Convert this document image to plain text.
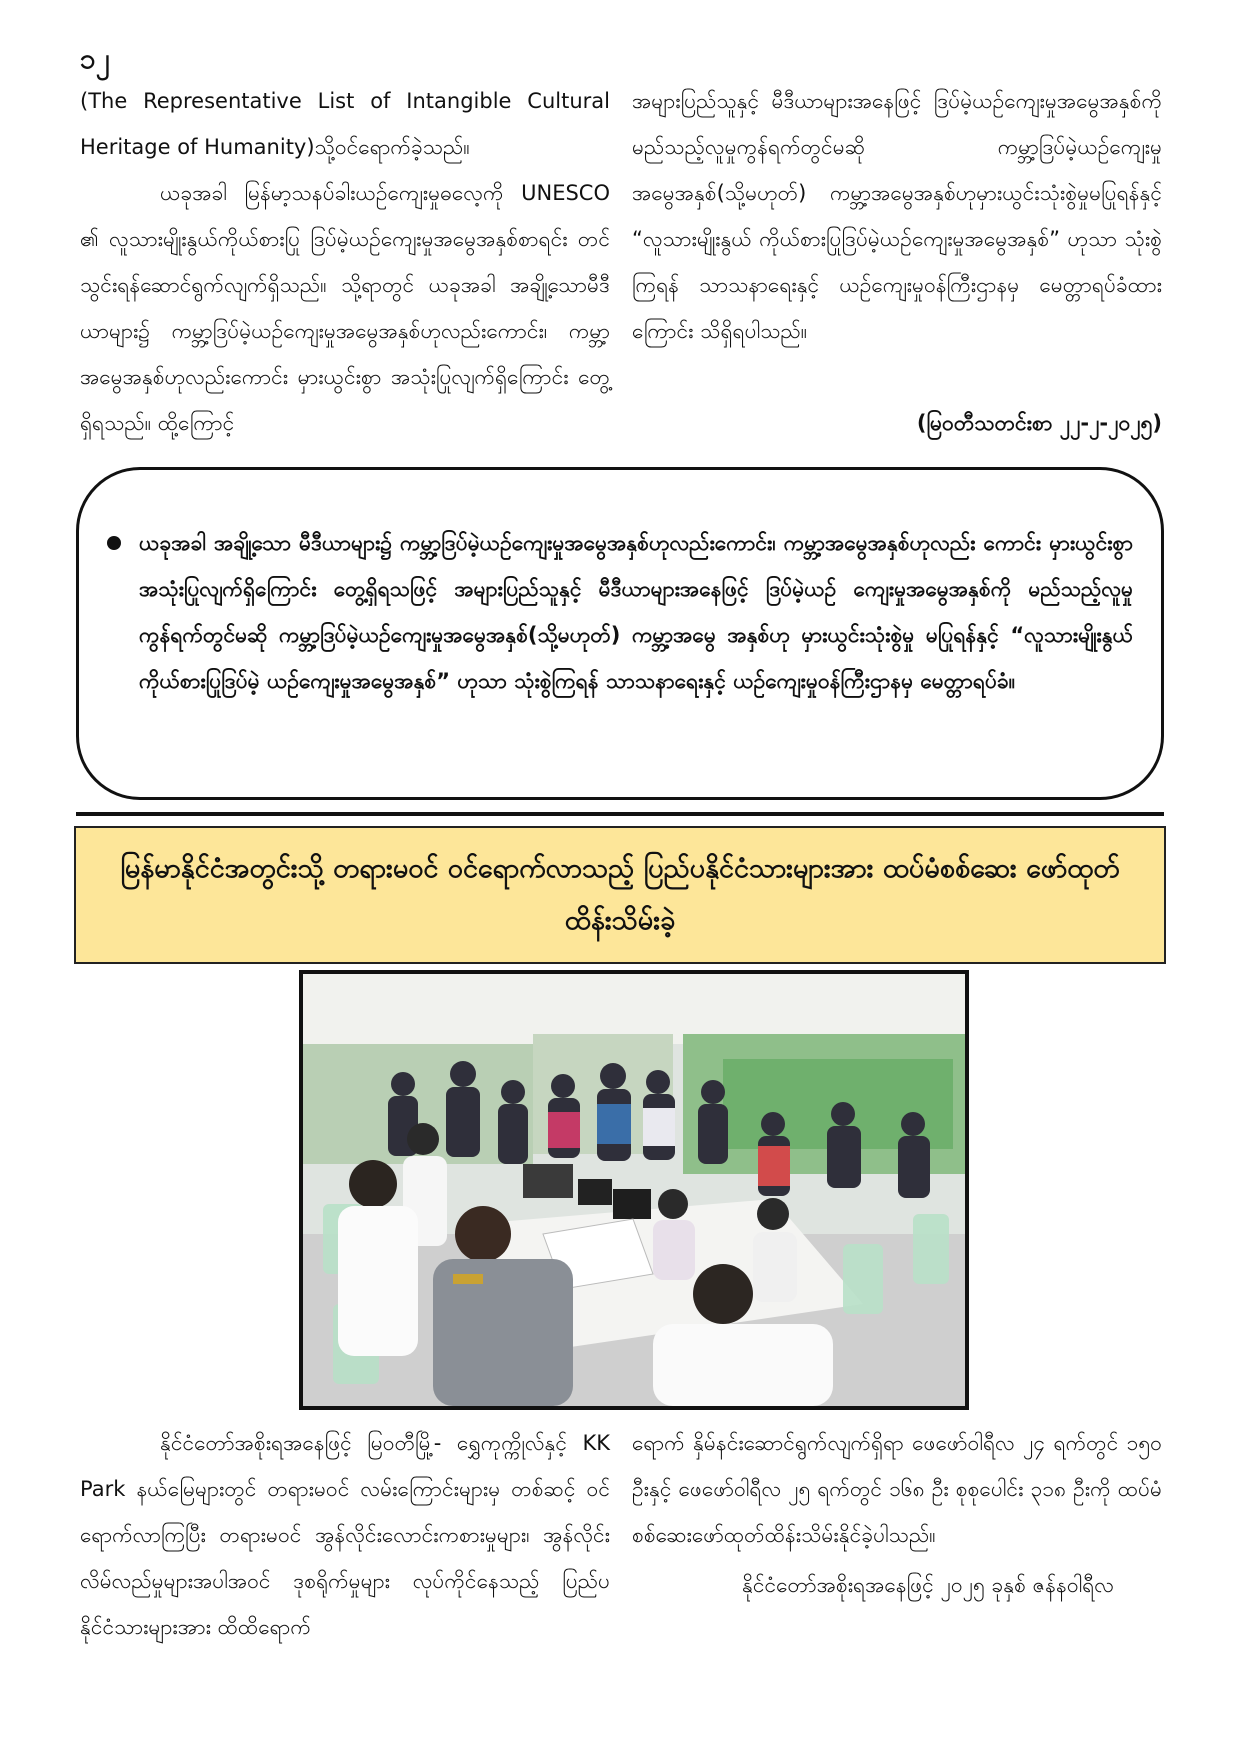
၁၂

(The Representative List of Intangible Cultural Heritage of Humanity)သို့ဝင်ရောက်ခဲ့သည်။

ယခုအခါ မြန်မာ့သနပ်ခါးယဉ်ကျေးမှုဓလေ့ကို UNESCO ၏ လူသားမျိုးနွယ်ကိုယ်စားပြု ဒြပ်မဲ့ယဉ်ကျေးမှုအမွေအနှစ်စာရင်း တင်သွင်းရန်ဆောင်ရွက်လျက်ရှိသည်။ သို့ရာတွင် ယခုအခါ အချို့သောမီဒီယာများ၌ ကမ္ဘာ့ဒြပ်မဲ့ယဉ်ကျေးမှုအမွေအနှစ်ဟုလည်းကောင်း၊ ကမ္ဘာ့အမွေအနှစ်ဟုလည်းကောင်း မှားယွင်းစွာ အသုံးပြုလျက်ရှိကြောင်း တွေ့ရှိရသည်။ ထို့ကြောင့်

အများပြည်သူနှင့် မီဒီယာများအနေဖြင့် ဒြပ်မဲ့ယဉ်ကျေးမှုအမွေအနှစ်ကို မည်သည့်လူမှုကွန်ရက်တွင်မဆို ကမ္ဘာ့ဒြပ်မဲ့ယဉ်ကျေးမှုအမွေအနှစ်(သို့မဟုတ်) ကမ္ဘာ့အမွေအနှစ်ဟုမှားယွင်းသုံးစွဲမှုမပြုရန်နှင့် “လူသားမျိုးနွယ် ကိုယ်စားပြုဒြပ်မဲ့ယဉ်ကျေးမှုအမွေအနှစ်” ဟုသာ သုံးစွဲကြရန် သာသနာရေးနှင့် ယဉ်ကျေးမှုဝန်ကြီးဌာနမှ မေတ္တာရပ်ခံထားကြောင်း သိရှိရပါသည်။

(မြဝတီသတင်းစာ ၂၂-၂-၂၀၂၅)
ယခုအခါ အချို့သော မီဒီယာများ၌ ကမ္ဘာ့ဒြပ်မဲ့ယဉ်ကျေးမှုအမွေအနှစ်ဟုလည်းကောင်း၊ ကမ္ဘာ့အမွေအနှစ်ဟုလည်း ကောင်း မှားယွင်းစွာ အသုံးပြုလျက်ရှိကြောင်း တွေ့ရှိရသဖြင့် အများပြည်သူနှင့် မီဒီယာများအနေဖြင့် ဒြပ်မဲ့ယဉ် ကျေးမှုအမွေအနှစ်ကို မည်သည့်လူမှုကွန်ရက်တွင်မဆို ကမ္ဘာ့ဒြပ်မဲ့ယဉ်ကျေးမှုအမွေအနှစ်(သို့မဟုတ်) ကမ္ဘာ့အမွေ အနှစ်ဟု မှားယွင်းသုံးစွဲမှု မပြုရန်နှင့် “လူသားမျိုးနွယ် ကိုယ်စားပြုဒြပ်မဲ့ ယဉ်ကျေးမှုအမွေအနှစ်” ဟုသာ သုံးစွဲကြရန် သာသနာရေးနှင့် ယဉ်ကျေးမှုဝန်ကြီးဌာနမှ မေတ္တာရပ်ခံ။
မြန်မာနိုင်ငံအတွင်းသို့ တရားမဝင် ဝင်ရောက်လာသည့် ပြည်ပနိုင်ငံသားများအား ထပ်မံစစ်ဆေး ဖော်ထုတ်ထိန်းသိမ်းခဲ့

နိုင်ငံတော်အစိုးရအနေဖြင့် မြဝတီမြို့- ရွှေကုက္ကိုလ်နှင့် KK Park နယ်မြေများတွင် တရားမဝင် လမ်းကြောင်းများမှ တစ်ဆင့် ဝင်ရောက်လာကြပြီး တရားမဝင် အွန်လိုင်းလောင်းကစားမှုများ၊ အွန်လိုင်းလိမ်လည်မှုများအပါအဝင် ဒုစရိုက်မှုများ လုပ်ကိုင်နေသည့် ပြည်ပနိုင်ငံသားများအား ထိထိရောက်

ရောက် နှိမ်နင်းဆောင်ရွက်လျက်ရှိရာ ဖေဖော်ဝါရီလ ၂၄ ရက်တွင် ၁၅၀ ဦးနှင့် ဖေဖော်ဝါရီလ ၂၅ ရက်တွင် ၁၆၈ ဦး စုစုပေါင်း ၃၁၈ ဦးကို ထပ်မံစစ်ဆေးဖော်ထုတ်ထိန်းသိမ်းနိုင်ခဲ့ပါသည်။

နိုင်ငံတော်အစိုးရအနေဖြင့် ၂၀၂၅ ခုနှစ် ဇန်နဝါရီလ
